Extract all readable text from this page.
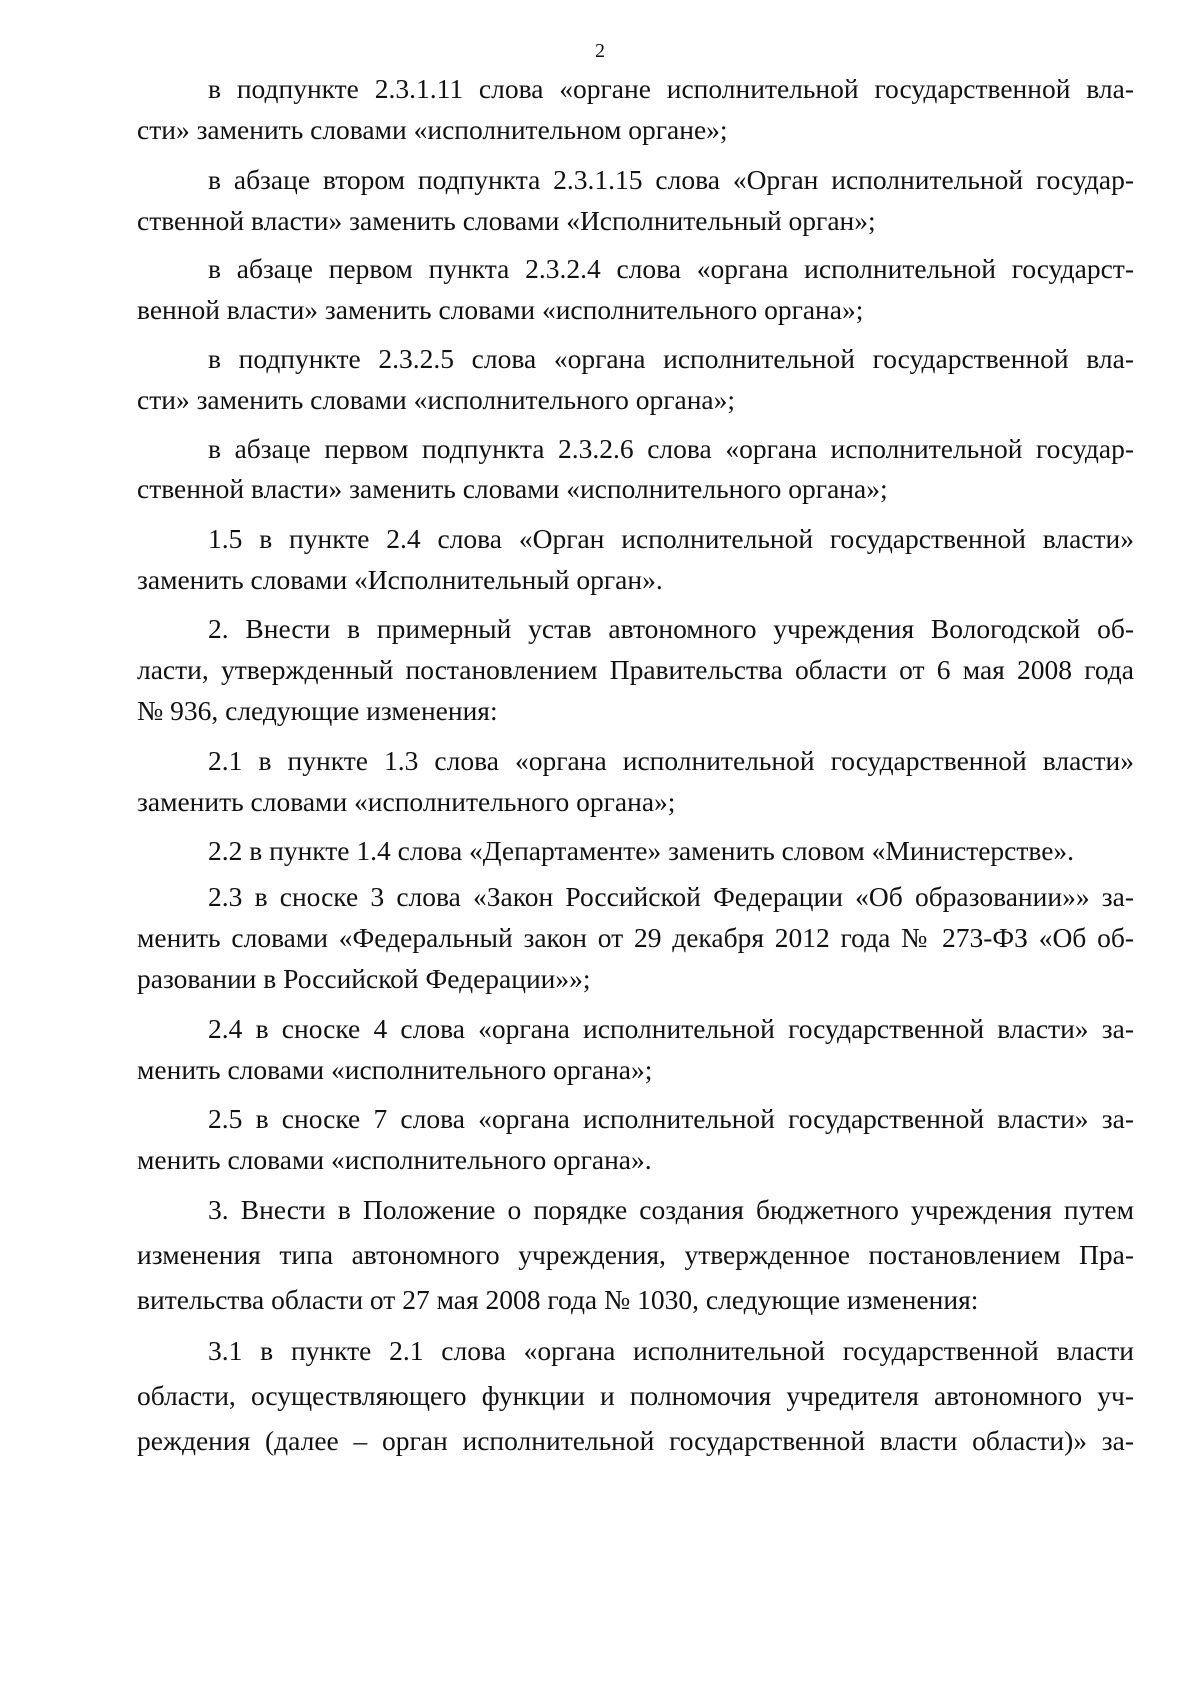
2
в подпункте 2.3.1.11 слова «органе исполнительной государственной вла-
сти» заменить словами «исполнительном органе»;
в абзаце втором подпункта 2.3.1.15 слова «Орган исполнительной государ-
ственной власти» заменить словами «Исполнительный орган»;
в абзаце первом пункта 2.3.2.4 слова «органа исполнительной государст-
венной власти» заменить словами «исполнительного органа»;
в подпункте 2.3.2.5 слова «органа исполнительной государственной вла-
сти» заменить словами «исполнительного органа»;
в абзаце первом подпункта 2.3.2.6 слова «органа исполнительной государ-
ственной власти» заменить словами «исполнительного органа»;
1.5 в пункте 2.4 слова «Орган исполнительной государственной власти»
заменить словами «Исполнительный орган».
2. Внести в примерный устав автономного учреждения Вологодской об-
ласти, утвержденный постановлением Правительства области от 6 мая 2008 года
№ 936, следующие изменения:
2.1 в пункте 1.3 слова «органа исполнительной государственной власти»
заменить словами «исполнительного органа»;
2.2 в пункте 1.4 слова «Департаменте» заменить словом «Министерстве».
2.3 в сноске 3 слова «Закон Российской Федерации «Об образовании»» за-
менить словами «Федеральный закон от 29 декабря 2012 года № 273-ФЗ «Об об-
разовании в Российской Федерации»»;
2.4 в сноске 4 слова «органа исполнительной государственной власти» за-
менить словами «исполнительного органа»;
2.5 в сноске 7 слова «органа исполнительной государственной власти» за-
менить словами «исполнительного органа».
3. Внести в Положение о порядке создания бюджетного учреждения путем
изменения типа автономного учреждения, утвержденное постановлением Пра-
вительства области от 27 мая 2008 года № 1030, следующие изменения:
3.1 в пункте 2.1 слова «органа исполнительной государственной власти
области, осуществляющего функции и полномочия учредителя автономного уч-
реждения (далее – орган исполнительной государственной власти области)» за-
